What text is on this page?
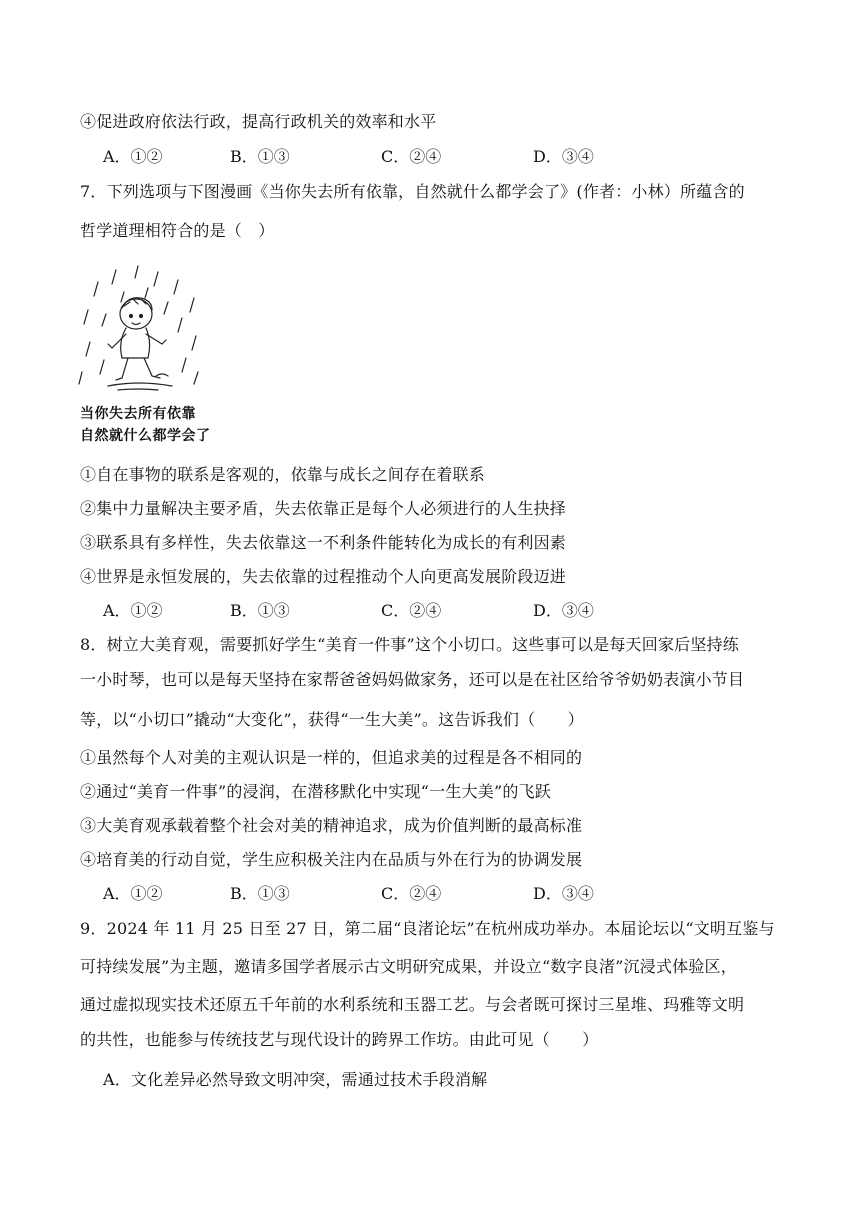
④促进政府依法行政，提高行政机关的效率和水平
A．①②	B．①③	C．②④	D．③④
7．下列选项与下图漫画《当你失去所有依靠，自然就什么都学会了》(作者：小林）所蕴含的
哲学道理相符合的是（　）
当你失去所有依靠
自然就什么都学会了
①自在事物的联系是客观的，依靠与成长之间存在着联系
②集中力量解决主要矛盾，失去依靠正是每个人必须进行的人生抉择
③联系具有多样性，失去依靠这一不利条件能转化为成长的有利因素
④世界是永恒发展的，失去依靠的过程推动个人向更高发展阶段迈进
A．①②	B．①③	C．②④	D．③④
8．树立大美育观，需要抓好学生“美育一件事”这个小切口。这些事可以是每天回家后坚持练
一小时琴，也可以是每天坚持在家帮爸爸妈妈做家务，还可以是在社区给爷爷奶奶表演小节目
等，以“小切口”撬动“大变化”，获得“一生大美”。这告诉我们（　　）
①虽然每个人对美的主观认识是一样的，但追求美的过程是各不相同的
②通过“美育一件事”的浸润，在潜移默化中实现“一生大美”的飞跃
③大美育观承载着整个社会对美的精神追求，成为价值判断的最高标准
④培育美的行动自觉，学生应积极关注内在品质与外在行为的协调发展
A．①②	B．①③	C．②④	D．③④
9．2024 年 11 月 25 日至 27 日，第二届“良渚论坛”在杭州成功举办。本届论坛以“文明互鉴与
可持续发展”为主题，邀请多国学者展示古文明研究成果，并设立“数字良渚”沉浸式体验区，
通过虚拟现实技术还原五千年前的水利系统和玉器工艺。与会者既可探讨三星堆、玛雅等文明
的共性，也能参与传统技艺与现代设计的跨界工作坊。由此可见（　　）
A．文化差异必然导致文明冲突，需通过技术手段消解
